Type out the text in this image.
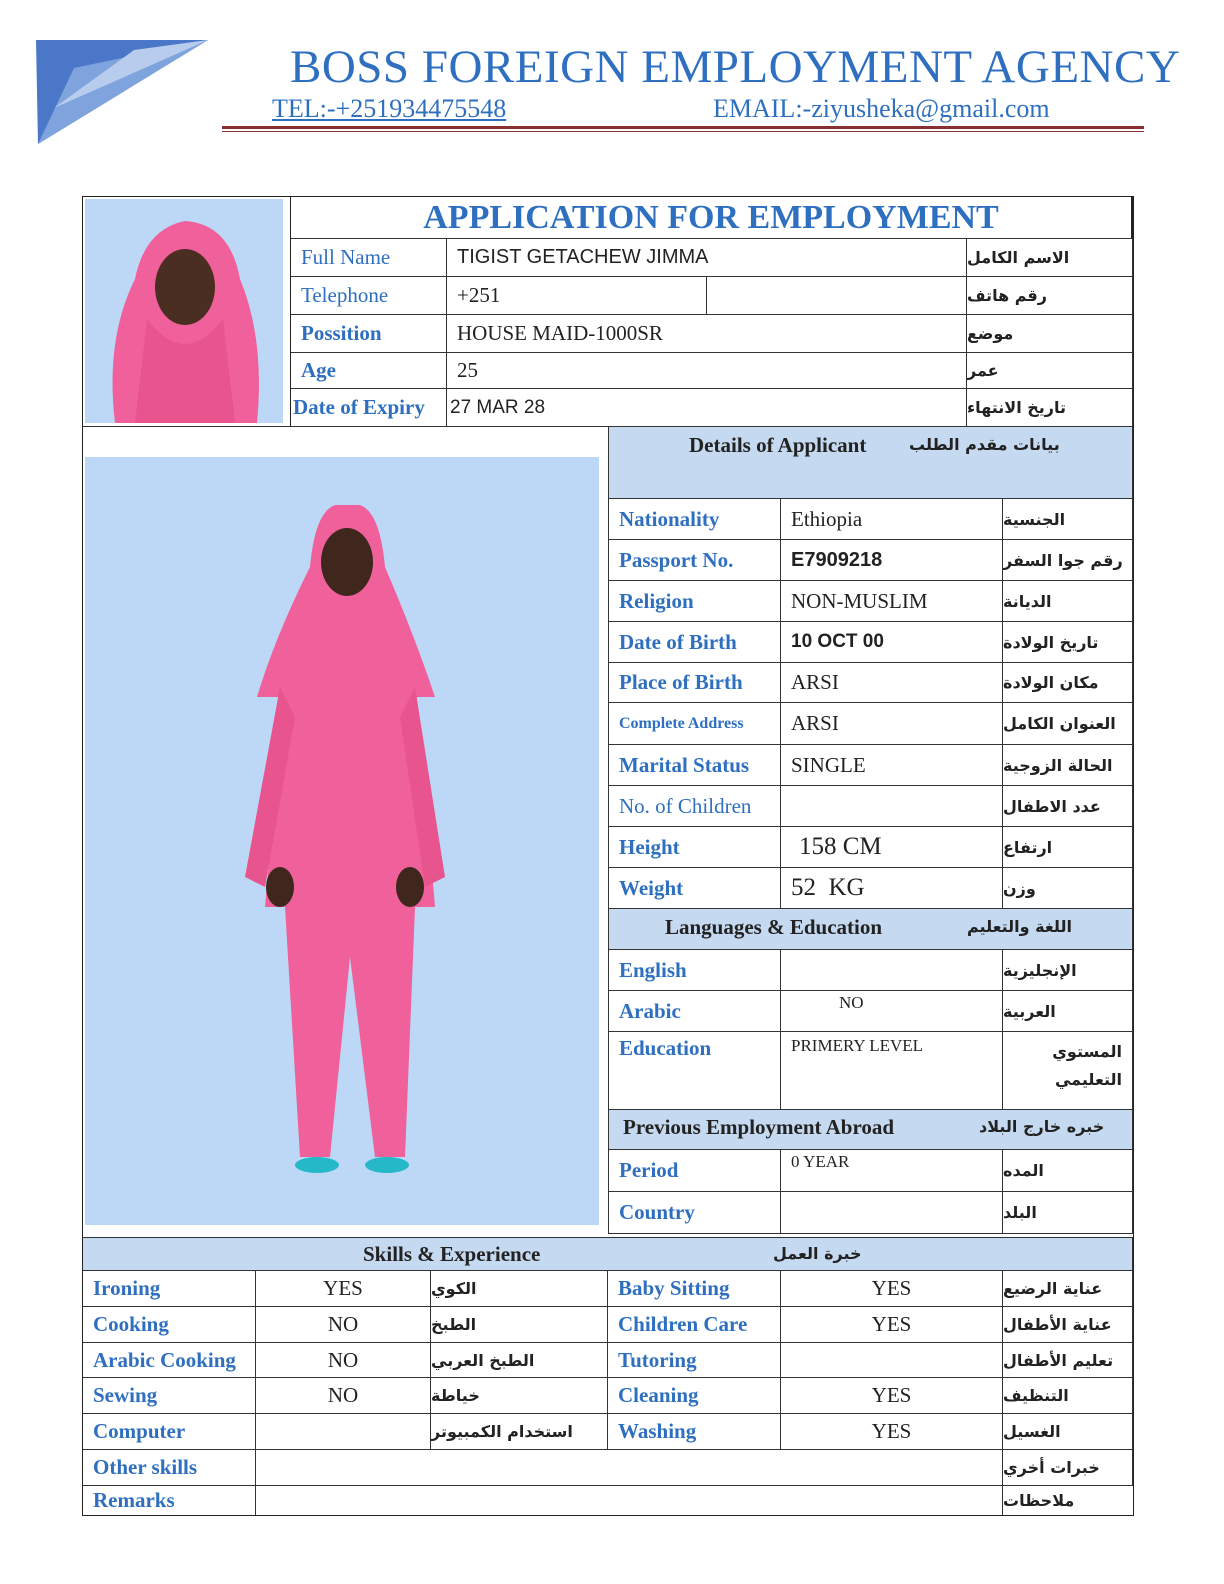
BOSS FOREIGN EMPLOYMENT AGENCY
TEL:-+251934475548	EMAIL:-ziyusheka@gmail.com
APPLICATION FOR EMPLOYMENT
Full Name	TIGIST GETACHEW JIMMA	الاسم الكامل
Telephone	+251	رقم هاتف
Possition	HOUSE MAID-1000SR	موضع
Age	25	عمر
Date of Expiry	27 MAR 28	تاريخ الانتهاء
Details of Applicant	بيانات مقدم الطلب
Nationality	Ethiopia	الجنسية
Passport No.	E7909218	رقم جوا السفر
Religion	NON-MUSLIM	الديانة
Date of Birth	10 OCT 00	تاريخ الولادة
Place of Birth	ARSI	مكان الولادة
Complete Address	ARSI	العنوان الكامل
Marital Status	SINGLE	الحالة الزوجية
No. of Children	عدد الاطفال
Height	158 CM	ارتفاع
Weight	52  KG	وزن
Languages & Education	اللغة والتعليم
English	الإنجليزية
Arabic	NO	العربية
Education	PRIMERY LEVEL	المستوي التعليمي
Previous Employment Abroad	خبره خارج البلاد
Period	0 YEAR	المده
Country	البلد
Skills & Experience	خبرة العمل
Ironing	YES	الكوي	Baby Sitting	YES	عناية الرضيع
Cooking	NO	الطبخ	Children Care	YES	عناية الأطفال
Arabic Cooking	NO	الطبخ العربي	Tutoring	تعليم الأطفال
Sewing	NO	خياطة	Cleaning	YES	التنظيف
Computer	استخدام الكمبيوتر	Washing	YES	الغسيل
Other skills	خبرات أخري
Remarks	ملاحظات
